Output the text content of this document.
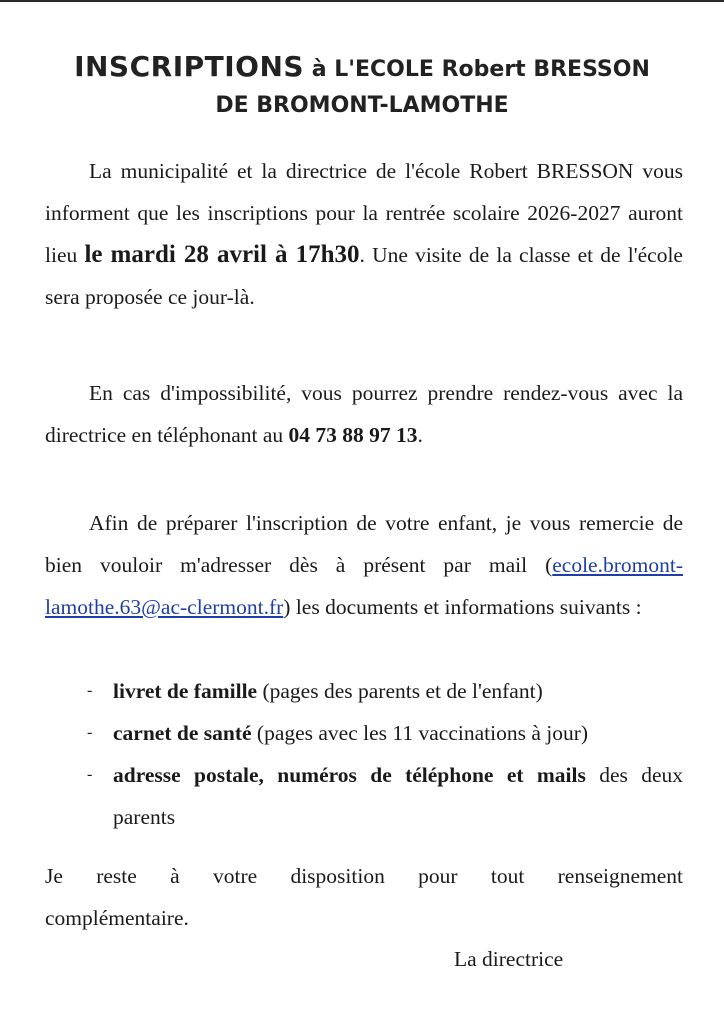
INSCRIPTIONS à L'ECOLE Robert BRESSON
DE BROMONT-LAMOTHE

La municipalité et la directrice de l'école Robert BRESSON vous informent que les inscriptions pour la rentrée scolaire 2026-2027 auront lieu le mardi 28 avril à 17h30. Une visite de la classe et de l'école sera proposée ce jour-là.

En cas d'impossibilité, vous pourrez prendre rendez-vous avec la directrice en téléphonant au 04 73 88 97 13.

Afin de préparer l'inscription de votre enfant, je vous remercie de bien vouloir m'adresser dès à présent par mail (ecole.bromont-lamothe.63@ac-clermont.fr) les documents et informations suivants :

- livret de famille (pages des parents et de l'enfant)
- carnet de santé (pages avec les 11 vaccinations à jour)
- adresse postale, numéros de téléphone et mails des deux parents

Je reste à votre disposition pour tout renseignement

complémentaire.

La directrice
